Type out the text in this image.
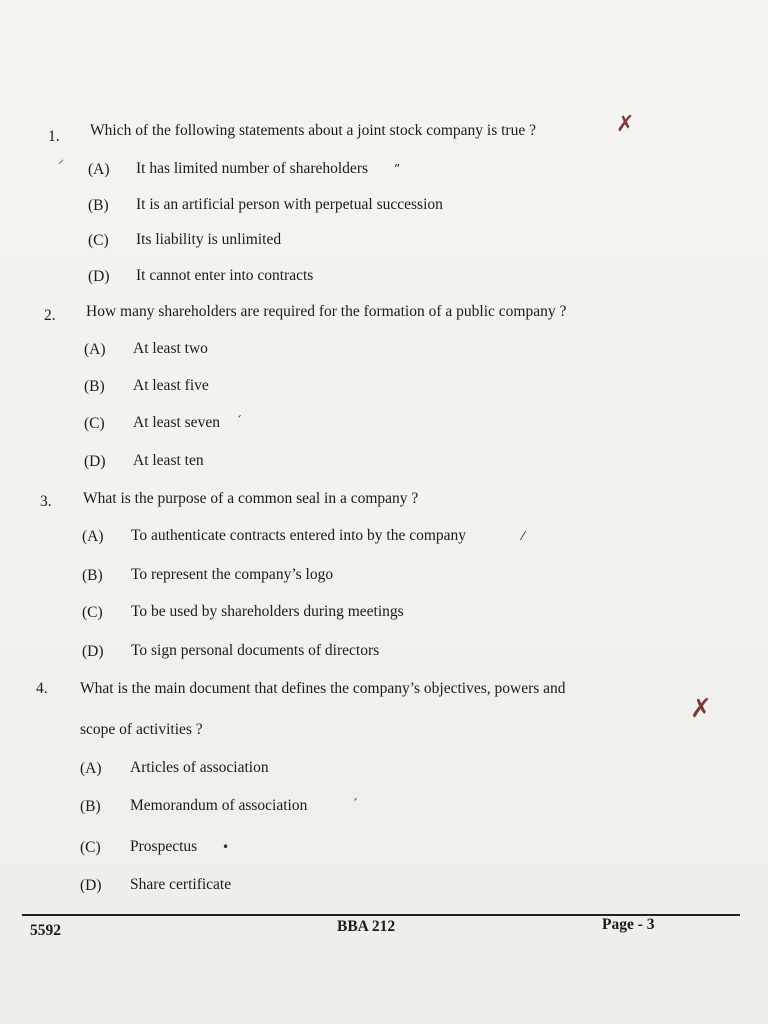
1. Which of the following statements about a joint stock company is true ?	✗
⸝
(A) It has limited number of shareholders
(B) It is an artificial person with perpetual succession
(C) Its liability is unlimited
(D) It cannot enter into contracts
2. How many shareholders are required for the formation of a public company ?
(A) At least two
(B) At least five
(C) At least seven
(D) At least ten
3. What is the purpose of a common seal in a company ?
(A) To authenticate contracts entered into by the company
(B) To represent the company’s logo
(C) To be used by shareholders during meetings
(D) To sign personal documents of directors
4. What is the main document that defines the company’s objectives, powers and
scope of activities ?
✗
(A) Articles of association
(B) Memorandum of association
(C) Prospectus
(D) Share certificate
ˮ
ˊ
⁄
ˊ
•
5592	BBA 212	Page - 3
